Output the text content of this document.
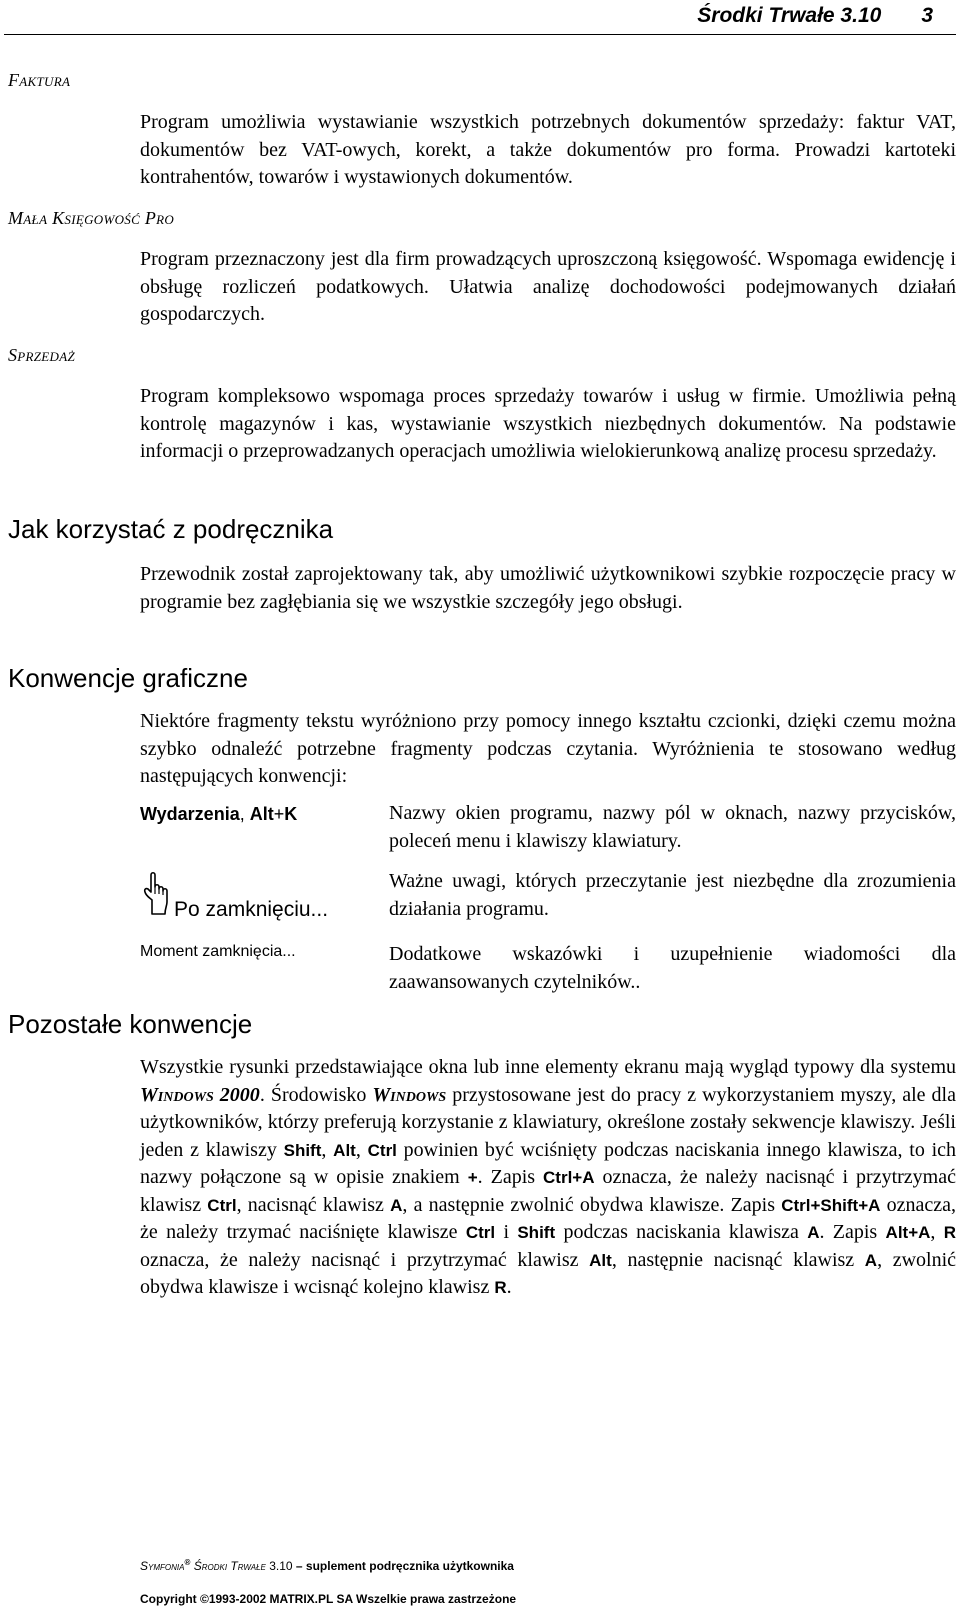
Środki Trwałe 3.10 3
Faktura
Program umożliwia wystawianie wszystkich potrzebnych dokumentów sprzedaży: faktur VAT, dokumentów bez VAT-owych, korekt, a także dokumentów pro forma. Prowadzi kartoteki kontrahentów, towarów i wystawionych dokumentów.
Mała Księgowość Pro
Program przeznaczony jest dla firm prowadzących uproszczoną księgowość. Wspomaga ewidencję i obsługę rozliczeń podatkowych. Ułatwia analizę dochodowości podejmowanych działań gospodarczych.
Sprzedaż
Program kompleksowo wspomaga proces sprzedaży towarów i usług w firmie. Umożliwia pełną kontrolę magazynów i kas, wystawianie wszystkich niezbędnych dokumentów. Na podstawie informacji o przeprowadzanych operacjach umożliwia wielokierunkową analizę procesu sprzedaży.
Jak korzystać z podręcznika
Przewodnik został zaprojektowany tak, aby umożliwić użytkownikowi szybkie rozpoczęcie pracy w programie bez zagłębiania się we wszystkie szczegóły jego obsługi.
Konwencje graficzne
Niektóre fragmenty tekstu wyróżniono przy pomocy innego kształtu czcionki, dzięki czemu można szybko odnaleźć potrzebne fragmenty podczas czytania. Wyróżnienia te stosowano według następujących konwencji:
Wydarzenia, Alt+K	Nazwy okien programu, nazwy pól w oknach, nazwy przycisków, poleceń menu i klawiszy klawiatury.
Po zamknięciu...
Ważne uwagi, których przeczytanie jest niezbędne dla zrozumienia działania programu.
Moment zamknięcia...	Dodatkowe wskazówki i uzupełnienie wiadomości dla zaawansowanych czytelników..
Pozostałe konwencje
Wszystkie rysunki przedstawiające okna lub inne elementy ekranu mają wygląd typowy dla systemu Windows 2000. Środowisko Windows przystosowane jest do pracy z wykorzystaniem myszy, ale dla użytkowników, którzy preferują korzystanie z klawiatury, określone zostały sekwencje klawiszy. Jeśli jeden z klawiszy Shift, Alt, Ctrl powinien być wciśnięty podczas naciskania innego klawisza, to ich nazwy połączone są w opisie znakiem +. Zapis Ctrl+A oznacza, że należy nacisnąć i przytrzymać klawisz Ctrl, nacisnąć klawisz A, a następnie zwolnić obydwa klawisze. Zapis Ctrl+Shift+A oznacza, że należy trzymać naciśnięte klawisze Ctrl i Shift podczas naciskania klawisza A. Zapis Alt+A, R oznacza, że należy nacisnąć i przytrzymać klawisz Alt, następnie nacisnąć klawisz A, zwolnić obydwa klawisze i wcisnąć kolejno klawisz R.
Symfonia® Środki Trwałe 3.10 – suplement podręcznika użytkownika
Copyright ©1993-2002 MATRIX.PL SA Wszelkie prawa zastrzeżone
